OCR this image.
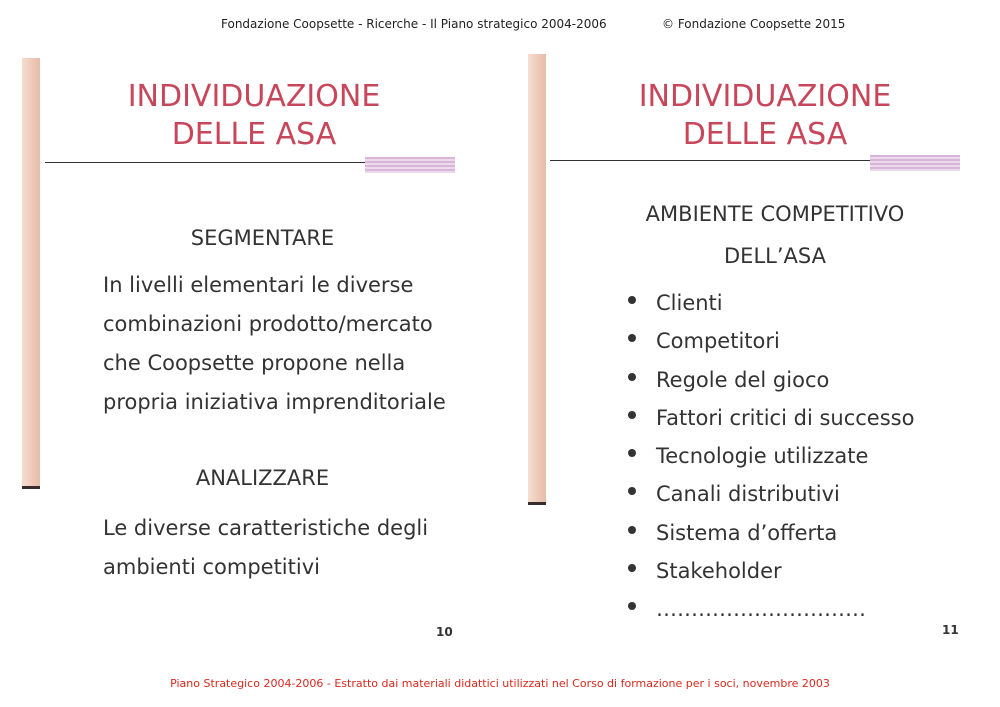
Fondazione Coopsette - Ricerche - Il Piano strategico 2004-2006	© Fondazione Coopsette 2015
INDIVIDUAZIONE
DELLE ASA
SEGMENTARE
In livelli elementari le diverse
combinazioni prodotto/mercato
che Coopsette propone nella
propria iniziativa imprenditoriale
ANALIZZARE
Le diverse caratteristiche degli
ambienti competitivi
10
INDIVIDUAZIONE
DELLE ASA
AMBIENTE COMPETITIVO
DELL’ASA
Clienti
Competitori
Regole del gioco
Fattori critici di successo
Tecnologie utilizzate
Canali distributivi
Sistema d’offerta
Stakeholder
…………………………
11
Piano Strategico 2004-2006 - Estratto dai materiali didattici utilizzati nel Corso di formazione per i soci, novembre 2003
